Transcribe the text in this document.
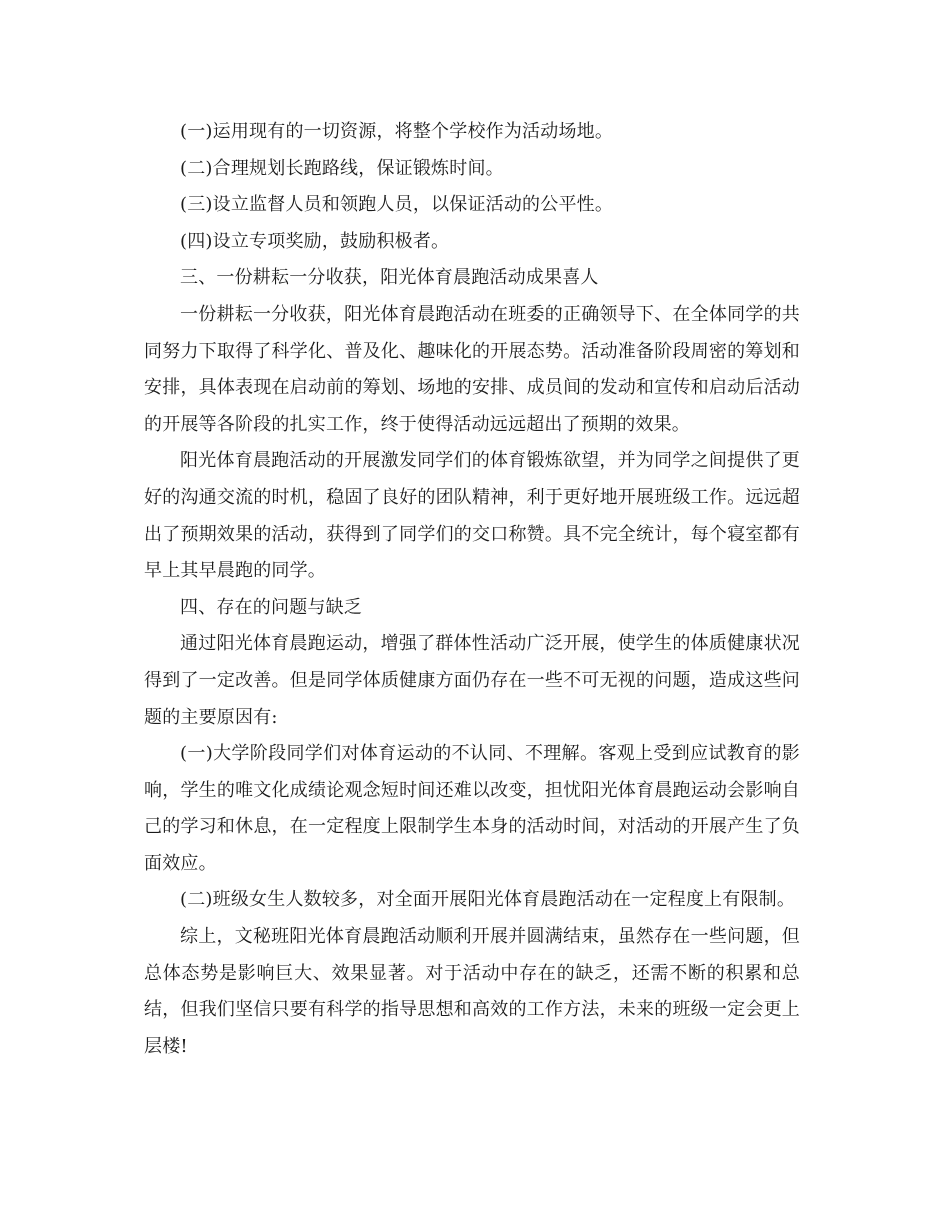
(一)运用现有的一切资源，将整个学校作为活动场地。

(二)合理规划长跑路线，保证锻炼时间。

(三)设立监督人员和领跑人员，以保证活动的公平性。

(四)设立专项奖励，鼓励积极者。

三、一份耕耘一分收获，阳光体育晨跑活动成果喜人

一份耕耘一分收获，阳光体育晨跑活动在班委的正确领导下、在全体同学的共同努力下取得了科学化、普及化、趣味化的开展态势。活动准备阶段周密的筹划和安排，具体表现在启动前的筹划、场地的安排、成员间的发动和宣传和启动后活动的开展等各阶段的扎实工作，终于使得活动远远超出了预期的效果。

阳光体育晨跑活动的开展激发同学们的体育锻炼欲望，并为同学之间提供了更好的沟通交流的时机，稳固了良好的团队精神，利于更好地开展班级工作。远远超出了预期效果的活动，获得到了同学们的交口称赞。具不完全统计，每个寝室都有早上其早晨跑的同学。

四、存在的问题与缺乏

通过阳光体育晨跑运动，增强了群体性活动广泛开展，使学生的体质健康状况得到了一定改善。但是同学体质健康方面仍存在一些不可无视的问题，造成这些问题的主要原因有:

(一)大学阶段同学们对体育运动的不认同、不理解。客观上受到应试教育的影响，学生的唯文化成绩论观念短时间还难以改变，担忧阳光体育晨跑运动会影响自己的学习和休息，在一定程度上限制学生本身的活动时间，对活动的开展产生了负面效应。

(二)班级女生人数较多，对全面开展阳光体育晨跑活动在一定程度上有限制。

综上，文秘班阳光体育晨跑活动顺利开展并圆满结束，虽然存在一些问题，但总体态势是影响巨大、效果显著。对于活动中存在的缺乏，还需不断的积累和总结，但我们坚信只要有科学的指导思想和高效的工作方法，未来的班级一定会更上层楼!
